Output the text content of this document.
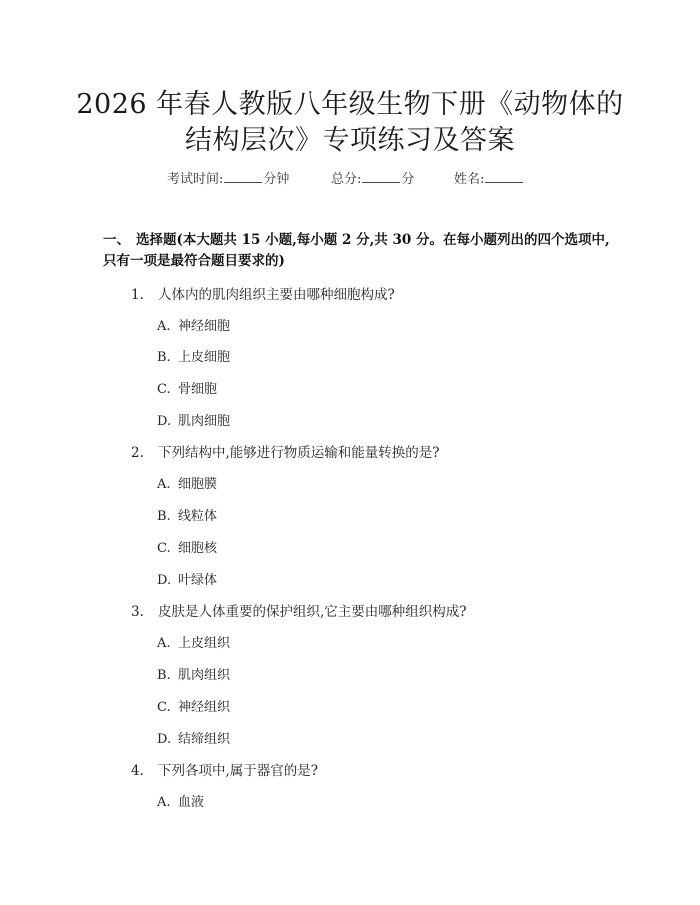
2026 年春人教版八年级生物下册《动物体的
结构层次》专项练习及答案
考试时间:	分钟	总分:	分	姓名:
一、 选择题(本大题共 15 小题,每小题 2 分,共 30 分。在每小题列出的四个选项中,只有一项是最符合题目要求的)
1. 人体内的肌肉组织主要由哪种细胞构成?
A. 神经细胞
B. 上皮细胞
C. 骨细胞
D. 肌肉细胞
2. 下列结构中,能够进行物质运输和能量转换的是?
A. 细胞膜
B. 线粒体
C. 细胞核
D. 叶绿体
3. 皮肤是人体重要的保护组织,它主要由哪种组织构成?
A. 上皮组织
B. 肌肉组织
C. 神经组织
D. 结缔组织
4. 下列各项中,属于器官的是?
A. 血液
